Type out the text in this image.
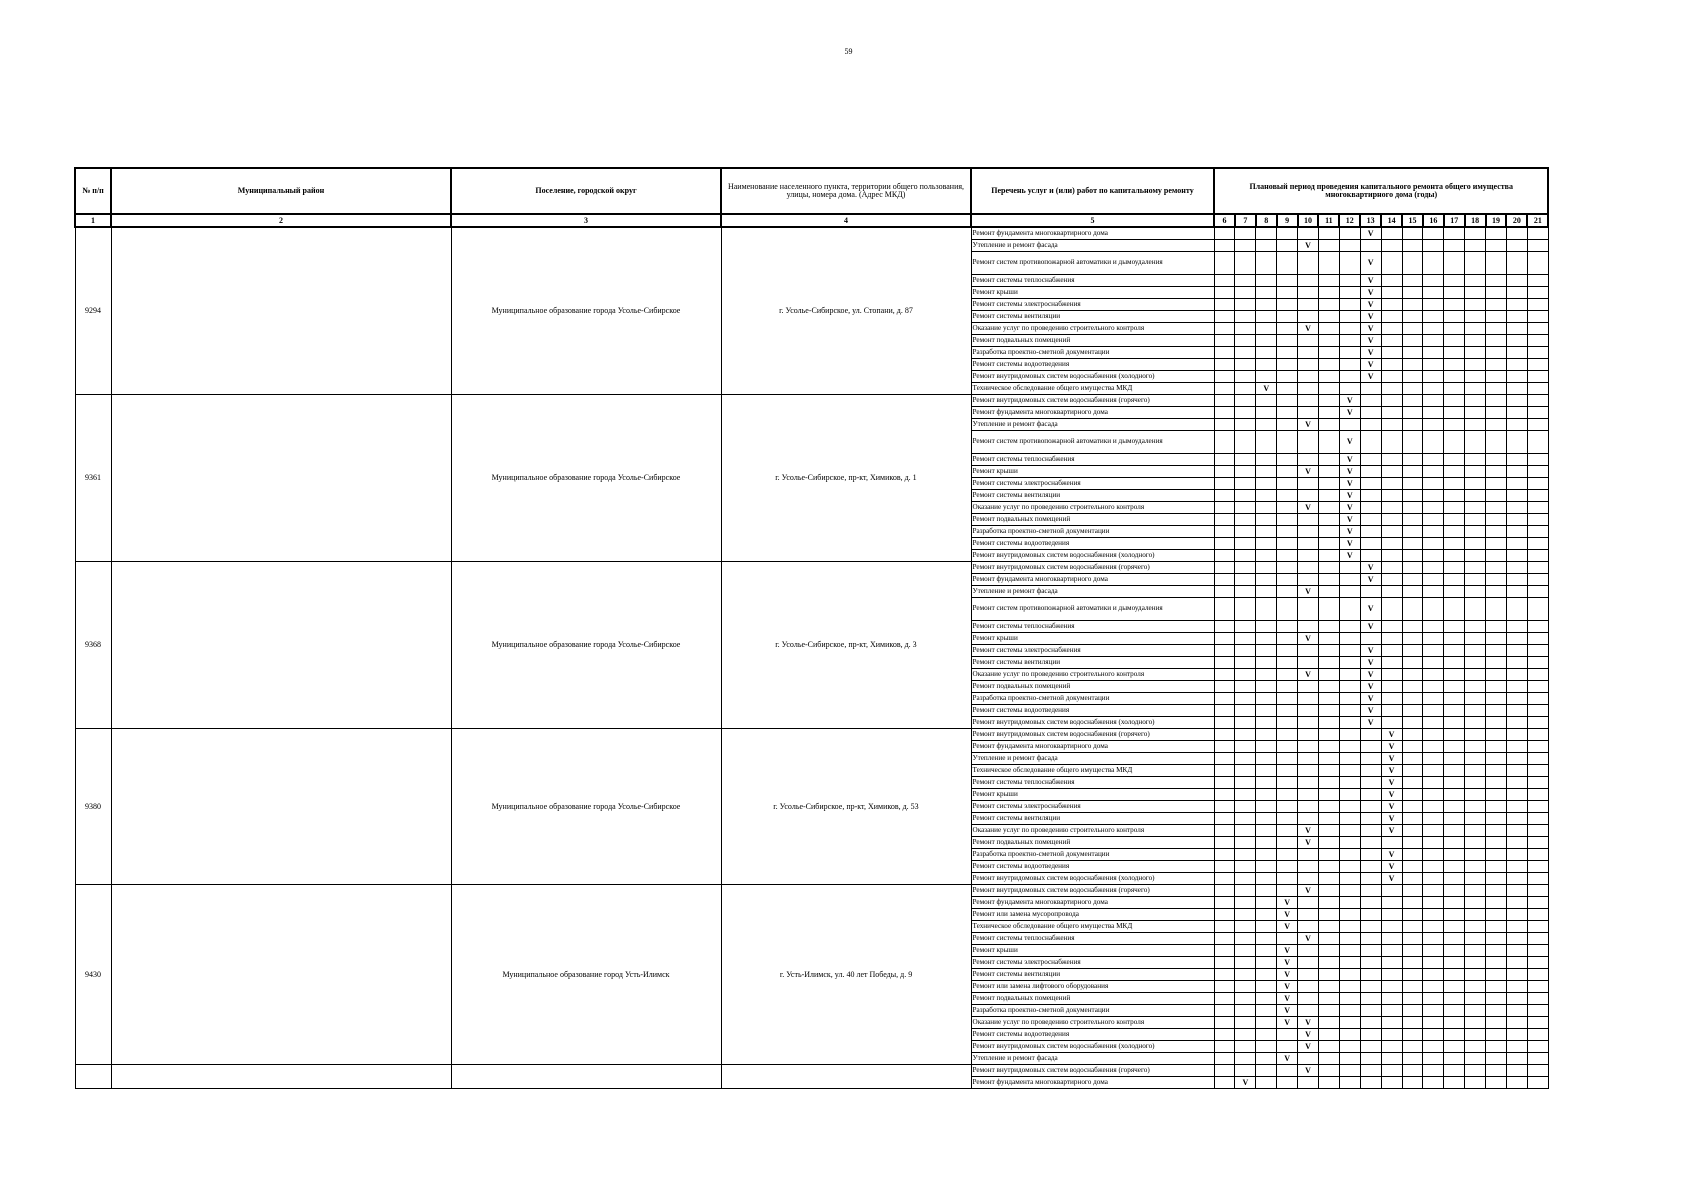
59
№ п/п	Муниципальный район	Поселение, городской округ	Наименование населенного пункта, территории общего пользования, улицы, номера дома. (Адрес МКД)	Перечень услуг и (или) работ по капитальному ремонту	Плановый период проведения капитального ремонта общего имущества многоквартирного дома (годы)															
1	2	3	4	5	6	7	8	9	10	11	12	13	14	15	16	17	18	19	20	21
9294		Муниципальное образование города Усолье-Сибирское	г. Усолье-Сибирское, ул. Стопани, д. 87	Ремонт фундамента многоквартирного дома								V								
				Утепление и ремонт фасада					V											
				Ремонт систем противопожарной автоматики и дымоудаления								V								
				Ремонт системы теплоснабжения								V								
				Ремонт крыши								V								
				Ремонт системы электроснабжения								V								
				Ремонт системы вентиляции								V								
				Оказание услуг по проведению строительного контроля					V			V								
				Ремонт подвальных помещений								V								
				Разработка проектно-сметной документации								V								
				Ремонт системы водоотведения								V								
				Ремонт внутридомовых систем водоснабжения (холодного)								V								
				Техническое обследование общего имущества МКД			V													
9361		Муниципальное образование города Усолье-Сибирское	г. Усолье-Сибирское, пр-кт, Химиков, д. 1	Ремонт внутридомовых систем водоснабжения (горячего)							V									
				Ремонт фундамента многоквартирного дома							V									
				Утепление и ремонт фасада					V											
				Ремонт систем противопожарной автоматики и дымоудаления							V									
				Ремонт системы теплоснабжения							V									
				Ремонт крыши					V		V									
				Ремонт системы электроснабжения							V									
				Ремонт системы вентиляции							V									
				Оказание услуг по проведению строительного контроля					V		V									
				Ремонт подвальных помещений							V									
				Разработка проектно-сметной документации							V									
				Ремонт системы водоотведения							V									
				Ремонт внутридомовых систем водоснабжения (холодного)							V									
9368		Муниципальное образование города Усолье-Сибирское	г. Усолье-Сибирское, пр-кт, Химиков, д. 3	Ремонт внутридомовых систем водоснабжения (горячего)								V								
				Ремонт фундамента многоквартирного дома								V								
				Утепление и ремонт фасада					V											
				Ремонт систем противопожарной автоматики и дымоудаления								V								
				Ремонт системы теплоснабжения								V								
				Ремонт крыши					V											
				Ремонт системы электроснабжения								V								
				Ремонт системы вентиляции								V								
				Оказание услуг по проведению строительного контроля					V			V								
				Ремонт подвальных помещений								V								
				Разработка проектно-сметной документации								V								
				Ремонт системы водоотведения								V								
				Ремонт внутридомовых систем водоснабжения (холодного)								V								
9380		Муниципальное образование города Усолье-Сибирское	г. Усолье-Сибирское, пр-кт, Химиков, д. 53	Ремонт внутридомовых систем водоснабжения (горячего)									V							
				Ремонт фундамента многоквартирного дома									V							
				Утепление и ремонт фасада									V							
				Техническое обследование общего имущества МКД									V							
				Ремонт системы теплоснабжения									V							
				Ремонт крыши									V							
				Ремонт системы электроснабжения									V							
				Ремонт системы вентиляции									V							
				Оказание услуг по проведению строительного контроля					V				V							
				Ремонт подвальных помещений					V											
				Разработка проектно-сметной документации									V							
				Ремонт системы водоотведения									V							
				Ремонт внутридомовых систем водоснабжения (холодного)									V							
9430		Муниципальное образование город Усть-Илимск	г. Усть-Илимск, ул. 40 лет Победы, д. 9	Ремонт внутридомовых систем водоснабжения (горячего)					V											
				Ремонт фундамента многоквартирного дома				V												
				Ремонт или замена мусоропровода				V												
				Техническое обследование общего имущества МКД				V												
				Ремонт системы теплоснабжения					V											
				Ремонт крыши				V												
				Ремонт системы электроснабжения				V												
				Ремонт системы вентиляции				V												
				Ремонт или замена лифтового оборудования				V												
				Ремонт подвальных помещений				V												
				Разработка проектно-сметной документации				V												
				Оказание услуг по проведению строительного контроля				V	V											
				Ремонт системы водоотведения					V											
				Ремонт внутридомовых систем водоснабжения (холодного)					V											
				Утепление и ремонт фасада				V												
				Ремонт внутридомовых систем водоснабжения (горячего)					V											
				Ремонт фундамента многоквартирного дома		V														
